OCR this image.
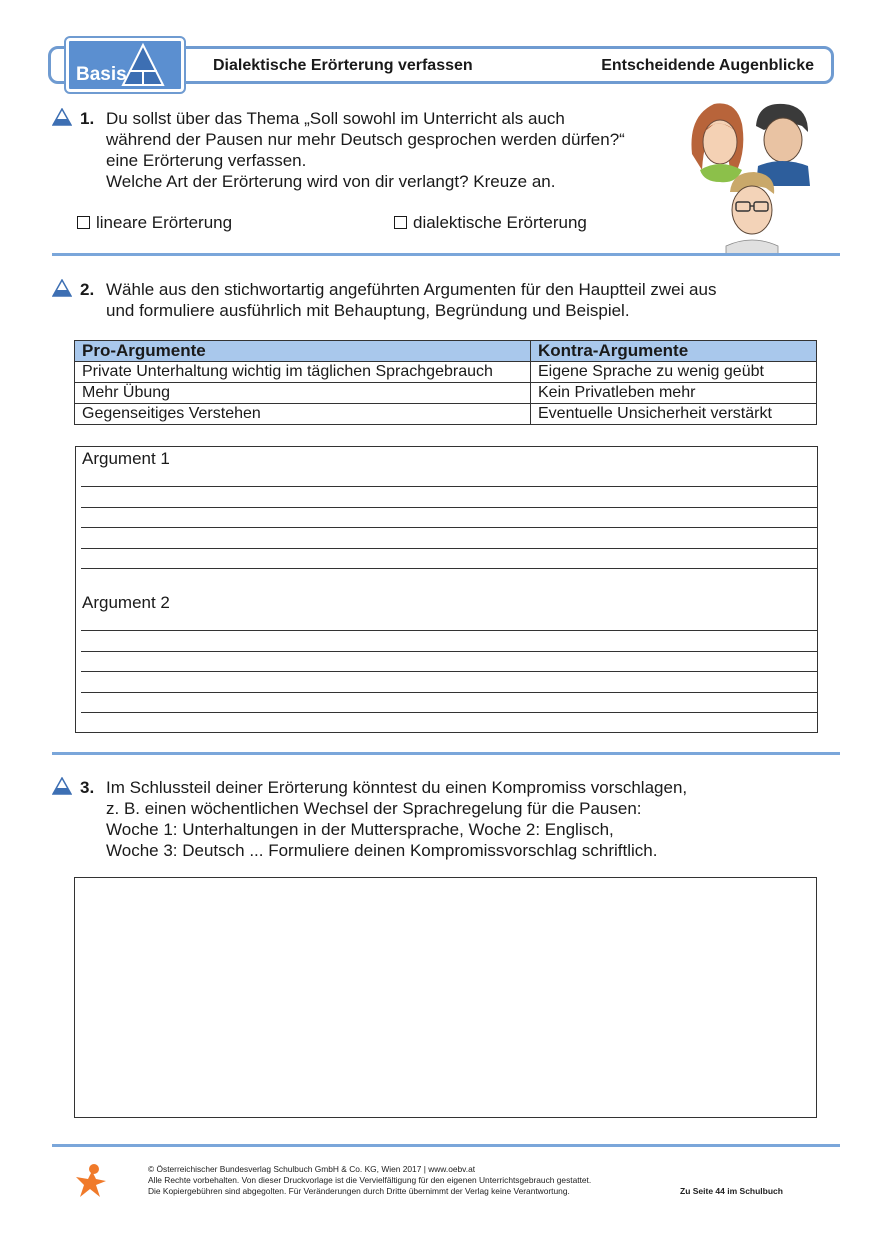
Basis	Dialektische Erörterung verfassen	Entscheidende Augenblicke
1. Du sollst über das Thema „Soll sowohl im Unterricht als auch
während der Pausen nur mehr Deutsch gesprochen werden dürfen?“
eine Erörterung verfassen.
Welche Art der Erörterung wird von dir verlangt? Kreuze an.
lineare Erörterung	dialektische Erörterung
2. Wähle aus den stichwortartig angeführten Argumenten für den Hauptteil zwei aus
und formuliere ausführlich mit Behauptung, Begründung und Beispiel.
Pro-Argumente	Kontra-Argumente
Private Unterhaltung wichtig im täglichen Sprachgebrauch	Eigene Sprache zu wenig geübt
Mehr Übung	Kein Privatleben mehr
Gegenseitiges Verstehen	Eventuelle Unsicherheit verstärkt
Argument 1
Argument 2
3. Im Schlussteil deiner Erörterung könntest du einen Kompromiss vorschlagen,
z. B. einen wöchentlichen Wechsel der Sprachregelung für die Pausen:
Woche 1: Unterhaltungen in der Muttersprache, Woche 2: Englisch,
Woche 3: Deutsch ... Formuliere deinen Kompromissvorschlag schriftlich.
© Österreichischer Bundesverlag Schulbuch GmbH & Co. KG, Wien 2017 | www.oebv.at
Alle Rechte vorbehalten. Von dieser Druckvorlage ist die Vervielfältigung für den eigenen Unterrichtsgebrauch gestattet.
Die Kopiergebühren sind abgegolten. Für Veränderungen durch Dritte übernimmt der Verlag keine Verantwortung.	Zu Seite 44 im Schulbuch
